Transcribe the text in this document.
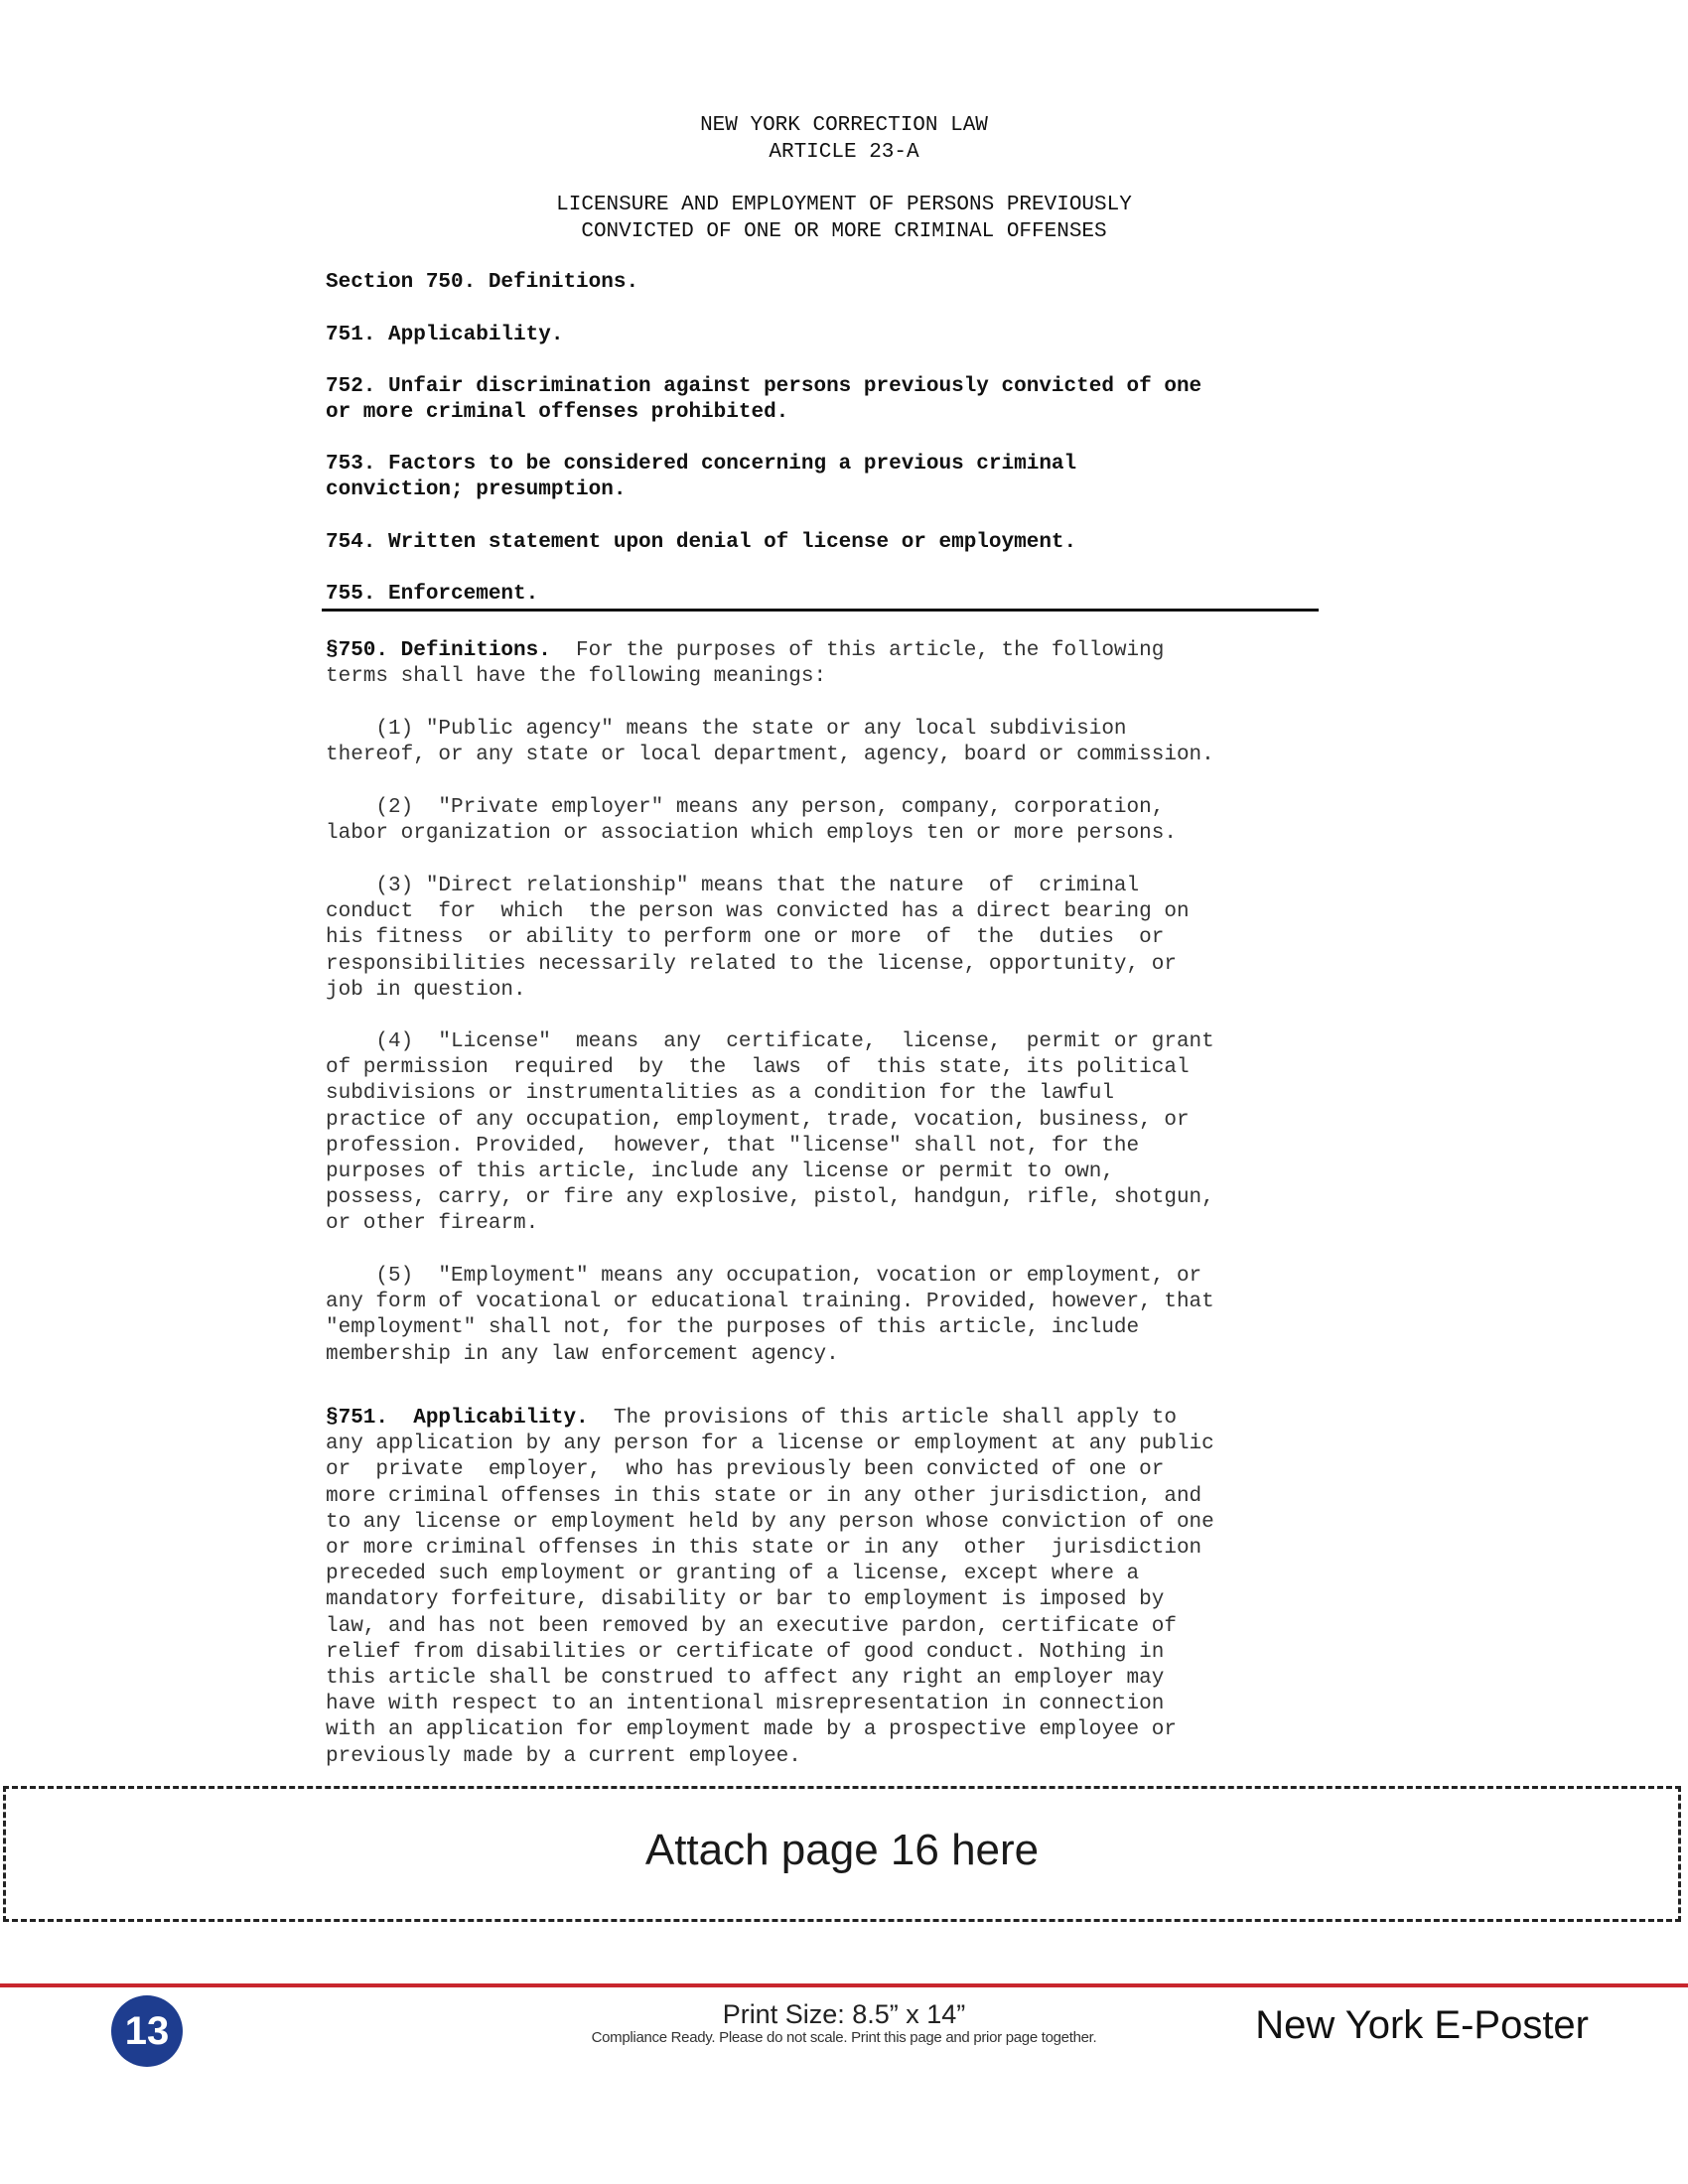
NEW YORK CORRECTION LAW
ARTICLE 23-A
LICENSURE AND EMPLOYMENT OF PERSONS PREVIOUSLY
CONVICTED OF ONE OR MORE CRIMINAL OFFENSES
Section 750. Definitions.
751. Applicability.
752. Unfair discrimination against persons previously convicted of one
or more criminal offenses prohibited.
753. Factors to be considered concerning a previous criminal
conviction; presumption.
754. Written statement upon denial of license or employment.
755. Enforcement.
§750. Definitions.  For the purposes of this article, the following
terms shall have the following meanings:
(1) "Public agency" means the state or any local subdivision
thereof, or any state or local department, agency, board or commission.
(2)  "Private employer" means any person, company, corporation,
labor organization or association which employs ten or more persons.
(3) "Direct relationship" means that the nature  of  criminal
conduct  for  which  the person was convicted has a direct bearing on
his fitness  or ability to perform one or more  of  the  duties  or
responsibilities necessarily related to the license, opportunity, or
job in question.
(4)  "License"  means  any  certificate,  license,  permit or grant
of permission  required  by  the  laws  of  this state, its political
subdivisions or instrumentalities as a condition for the lawful
practice of any occupation, employment, trade, vocation, business, or
profession. Provided,  however, that "license" shall not, for the
purposes of this article, include any license or permit to own,
possess, carry, or fire any explosive, pistol, handgun, rifle, shotgun,
or other firearm.
(5)  "Employment" means any occupation, vocation or employment, or
any form of vocational or educational training. Provided, however, that
"employment" shall not, for the purposes of this article, include
membership in any law enforcement agency.
§751.  Applicability.  The provisions of this article shall apply to
any application by any person for a license or employment at any public
or  private  employer,  who has previously been convicted of one or
more criminal offenses in this state or in any other jurisdiction, and
to any license or employment held by any person whose conviction of one
or more criminal offenses in this state or in any  other  jurisdiction
preceded such employment or granting of a license, except where a
mandatory forfeiture, disability or bar to employment is imposed by
law, and has not been removed by an executive pardon, certificate of
relief from disabilities or certificate of good conduct. Nothing in
this article shall be construed to affect any right an employer may
have with respect to an intentional misrepresentation in connection
with an application for employment made by a prospective employee or
previously made by a current employee.
Attach page 16 here
13	Print Size: 8.5” x 14”
Compliance Ready. Please do not scale. Print this page and prior page together.	New York E-Poster
